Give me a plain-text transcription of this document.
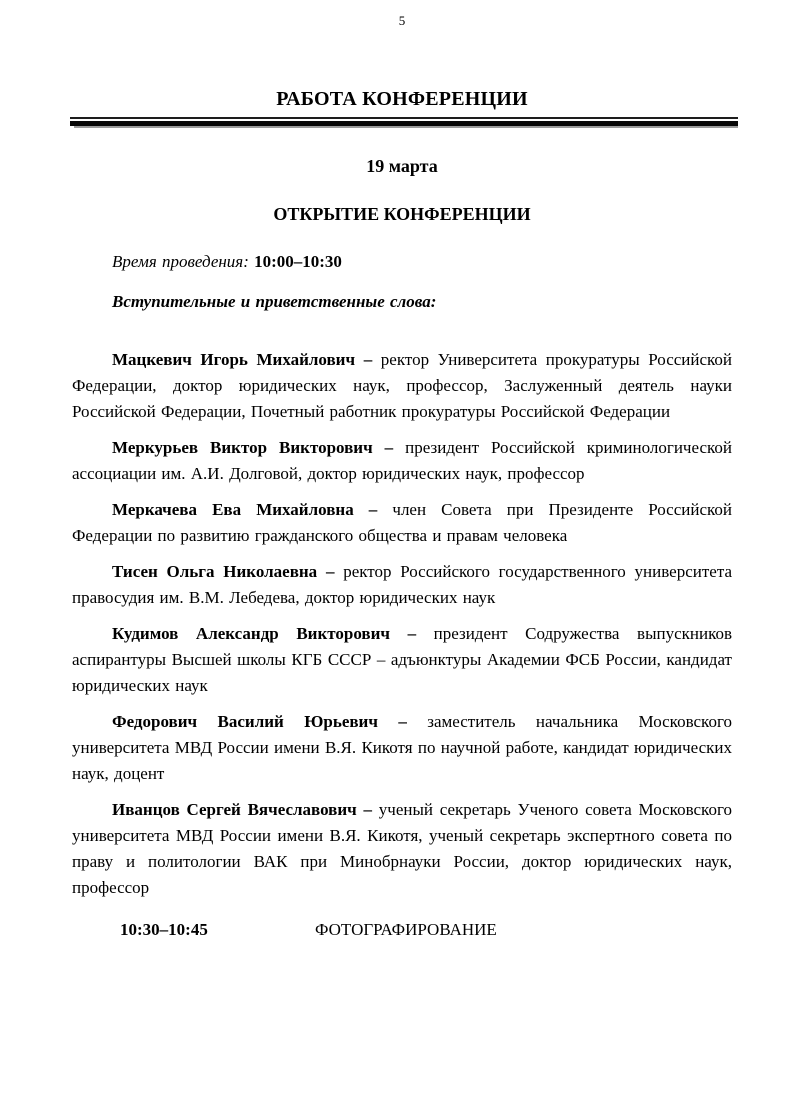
5
РАБОТА КОНФЕРЕНЦИИ
19 марта
ОТКРЫТИЕ КОНФЕРЕНЦИИ

Время проведения: 10:00–10:30

Вступительные и приветственные слова:

Мацкевич Игорь Михайлович – ректор Университета прокуратуры Российской Федерации, доктор юридических наук, профессор, Заслуженный деятель науки Российской Федерации, Почетный работник прокуратуры Российской Федерации

Меркурьев Виктор Викторович – президент Российской криминологической ассоциации им. А.И. Долговой, доктор юридических наук, профессор

Меркачева Ева Михайловна – член Совета при Президенте Российской Федерации по развитию гражданского общества и правам человека

Тисен Ольга Николаевна – ректор Российского государственного университета правосудия им. В.М. Лебедева, доктор юридических наук

Кудимов Александр Викторович – президент Содружества выпускников аспирантуры Высшей школы КГБ СССР – адъюнктуры Академии ФСБ России, кандидат юридических наук

Федорович Василий Юрьевич – заместитель начальника Московского университета МВД России имени В.Я. Кикотя по научной работе, кандидат юридических наук, доцент

Иванцов Сергей Вячеславович – ученый секретарь Ученого совета Московского университета МВД России имени В.Я. Кикотя, ученый секретарь экспертного совета по праву и политологии ВАК при Минобрнауки России, доктор юридических наук, профессор

10:30–10:45	ФОТОГРАФИРОВАНИЕ
